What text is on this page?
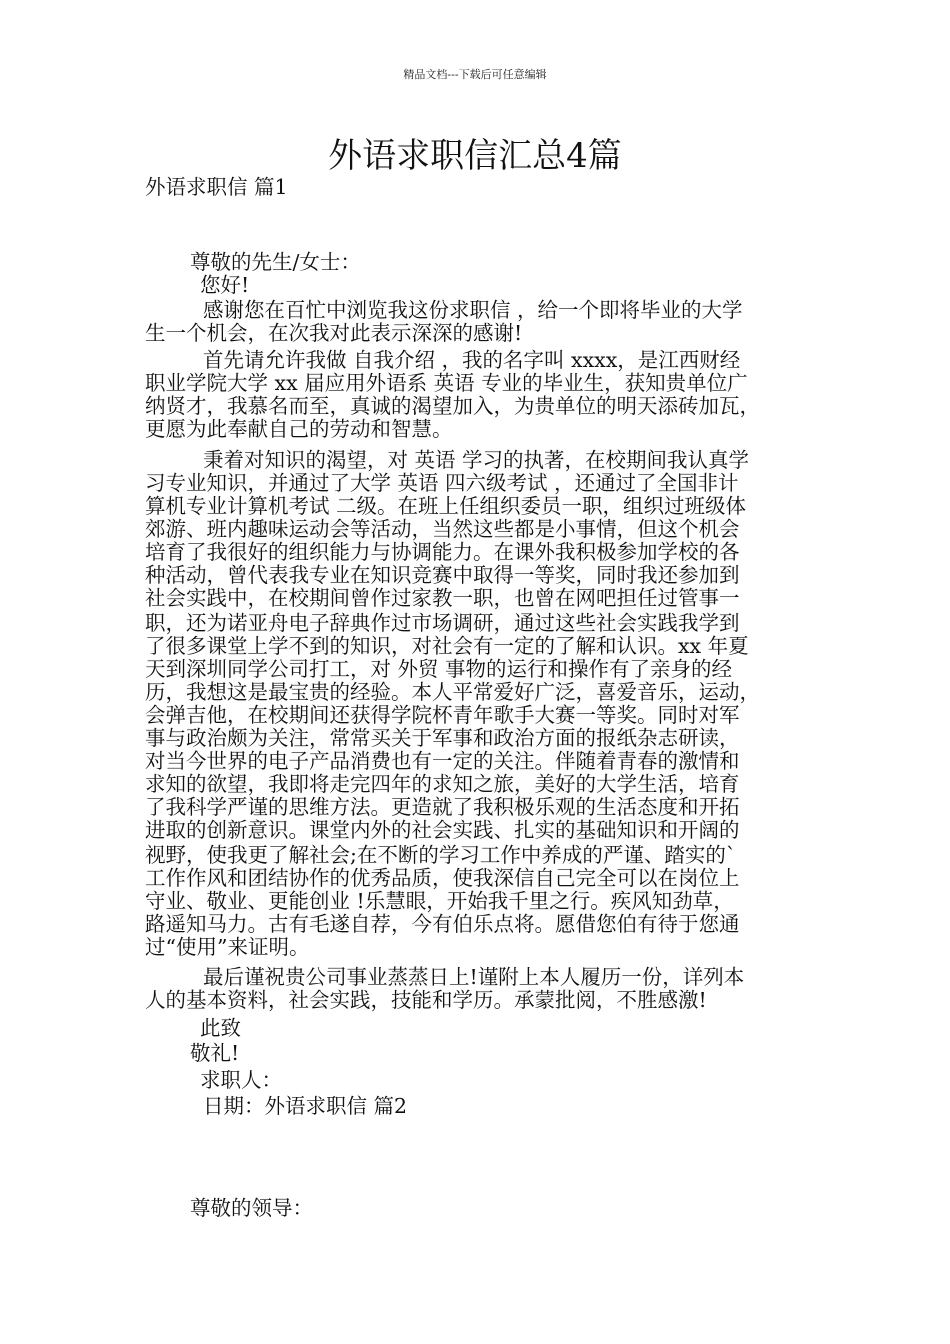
精品文档---下载后可任意编辑
外语求职信汇总4篇
外语求职信 篇1
尊敬的先生/女士：
您好!
感谢您在百忙中浏览我这份求职信 ，给一个即将毕业的大学
生一个机会，在次我对此表示深深的感谢!
首先请允许我做 自我介绍 ，我的名字叫 xxxx，是江西财经
职业学院大学 xx 届应用外语系 英语 专业的毕业生，获知贵单位广
纳贤才，我慕名而至，真诚的渴望加入，为贵单位的明天添砖加瓦，
更愿为此奉献自己的劳动和智慧。
秉着对知识的渴望，对 英语 学习的执著，在校期间我认真学
习专业知识，并通过了大学 英语 四六级考试 ，还通过了全国非计
算机专业计算机考试 二级。在班上任组织委员一职，组织过班级体
郊游、班内趣味运动会等活动，当然这些都是小事情，但这个机会
培育了我很好的组织能力与协调能力。在课外我积极参加学校的各
种活动，曾代表我专业在知识竞赛中取得一等奖，同时我还参加到
社会实践中，在校期间曾作过家教一职，也曾在网吧担任过管事一
职，还为诺亚舟电子辞典作过市场调研，通过这些社会实践我学到
了很多课堂上学不到的知识，对社会有一定的了解和认识。xx 年夏
天到深圳同学公司打工，对 外贸 事物的运行和操作有了亲身的经
历，我想这是最宝贵的经验。本人平常爱好广泛，喜爱音乐，运动，
会弹吉他，在校期间还获得学院杯青年歌手大赛一等奖。同时对军
事与政治颇为关注，常常买关于军事和政治方面的报纸杂志研读，
对当今世界的电子产品消费也有一定的关注。伴随着青春的激情和
求知的欲望，我即将走完四年的求知之旅，美好的大学生活，培育
了我科学严谨的思维方法。更造就了我积极乐观的生活态度和开拓
进取的创新意识。课堂内外的社会实践、扎实的基础知识和开阔的
视野，使我更了解社会;在不断的学习工作中养成的严谨、踏实的`
工作作风和团结协作的优秀品质，使我深信自己完全可以在岗位上
守业、敬业、更能创业 !乐慧眼，开始我千里之行。疾风知劲草，
路遥知马力。古有毛遂自荐，今有伯乐点将。愿借您伯有待于您通
过“使用”来证明。
最后谨祝贵公司事业蒸蒸日上!谨附上本人履历一份，详列本
人的基本资料，社会实践，技能和学历。承蒙批阅，不胜感激!
此致
敬礼!
求职人：
日期：外语求职信 篇2
尊敬的领导：
